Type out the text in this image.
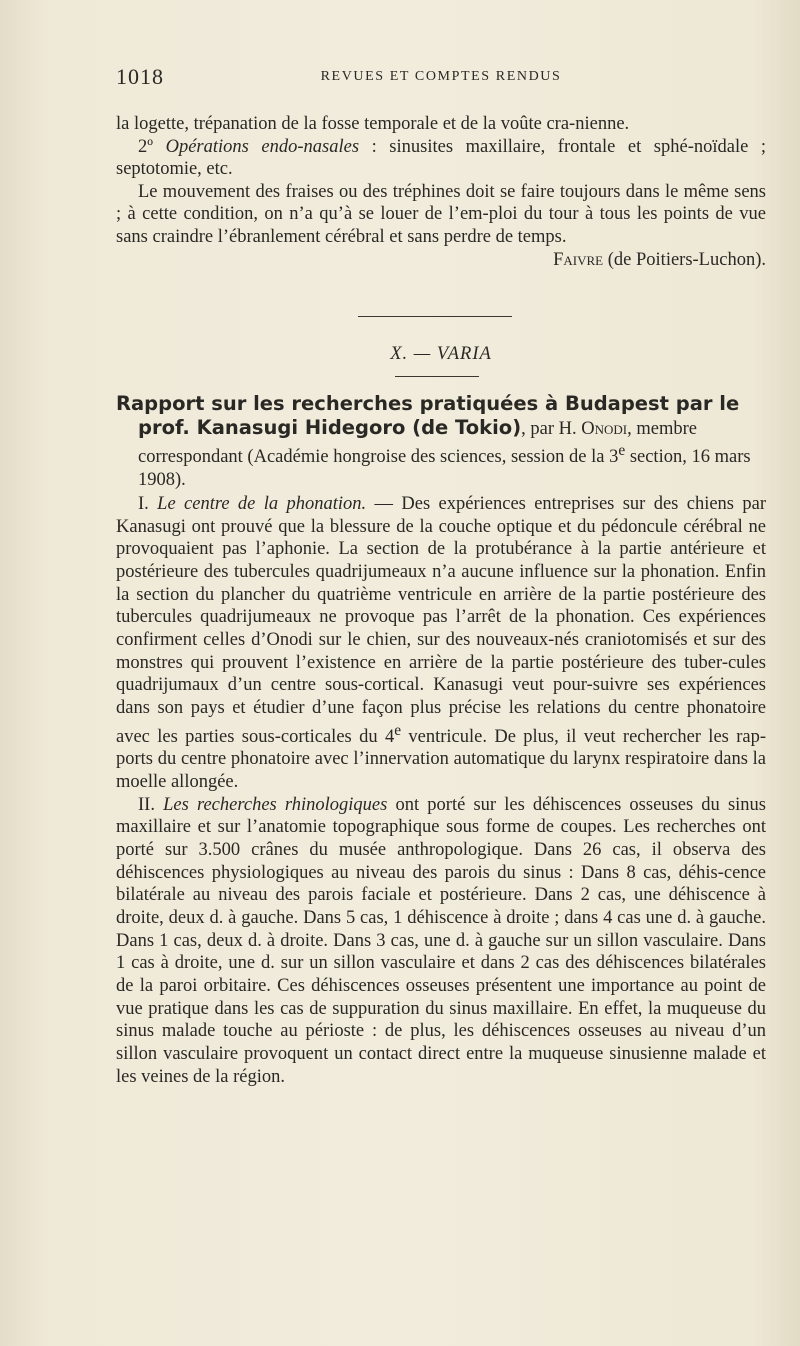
1018	REVUES ET COMPTES RENDUS

la logette, trépanation de la fosse temporale et de la voûte cra-nienne.

2º Opérations endo-nasales : sinusites maxillaire, frontale et sphé-noïdale ; septotomie, etc.

Le mouvement des fraises ou des tréphines doit se faire toujours dans le même sens ; à cette condition, on n’a qu’à se louer de l’em-ploi du tour à tous les points de vue sans craindre l’ébranlement cérébral et sans perdre de temps.
Faivre (de Poitiers-Luchon).

X. — VARIA

Rapport sur les recherches pratiquées à Budapest par le prof. Kanasugi Hidegoro (de Tokio), par H. Onodi, membre correspondant (Académie hongroise des sciences, session de la 3e section, 16 mars 1908).

I. Le centre de la phonation. — Des expériences entreprises sur des chiens par Kanasugi ont prouvé que la blessure de la couche optique et du pédoncule cérébral ne provoquaient pas l’aphonie. La section de la protubérance à la partie antérieure et postérieure des tubercules quadrijumeaux n’a aucune influence sur la phonation. Enfin la section du plancher du quatrième ventricule en arrière de la partie postérieure des tubercules quadrijumeaux ne provoque pas l’arrêt de la phonation. Ces expériences confirment celles d’Onodi sur le chien, sur des nouveaux-nés craniotomisés et sur des monstres qui prouvent l’existence en arrière de la partie postérieure des tuber-cules quadrijumaux d’un centre sous-cortical. Kanasugi veut pour-suivre ses expériences dans son pays et étudier d’une façon plus précise les relations du centre phonatoire avec les parties sous-corticales du 4e ventricule. De plus, il veut rechercher les rap-ports du centre phonatoire avec l’innervation automatique du larynx respiratoire dans la moelle allongée.

II. Les recherches rhinologiques ont porté sur les déhiscences osseuses du sinus maxillaire et sur l’anatomie topographique sous forme de coupes. Les recherches ont porté sur 3.500 crânes du musée anthropologique. Dans 26 cas, il observa des déhiscences physiologiques au niveau des parois du sinus : Dans 8 cas, déhis-cence bilatérale au niveau des parois faciale et postérieure. Dans 2 cas, une déhiscence à droite, deux d. à gauche. Dans 5 cas, 1 déhiscence à droite ; dans 4 cas une d. à gauche. Dans 1 cas, deux d. à droite. Dans 3 cas, une d. à gauche sur un sillon vasculaire. Dans 1 cas à droite, une d. sur un sillon vasculaire et dans 2 cas des déhiscences bilatérales de la paroi orbitaire. Ces déhiscences osseuses présentent une importance au point de vue pratique dans les cas de suppuration du sinus maxillaire. En effet, la muqueuse du sinus malade touche au périoste : de plus, les déhiscences osseuses au niveau d’un sillon vasculaire provoquent un contact direct entre la muqueuse sinusienne malade et les veines de la région.
